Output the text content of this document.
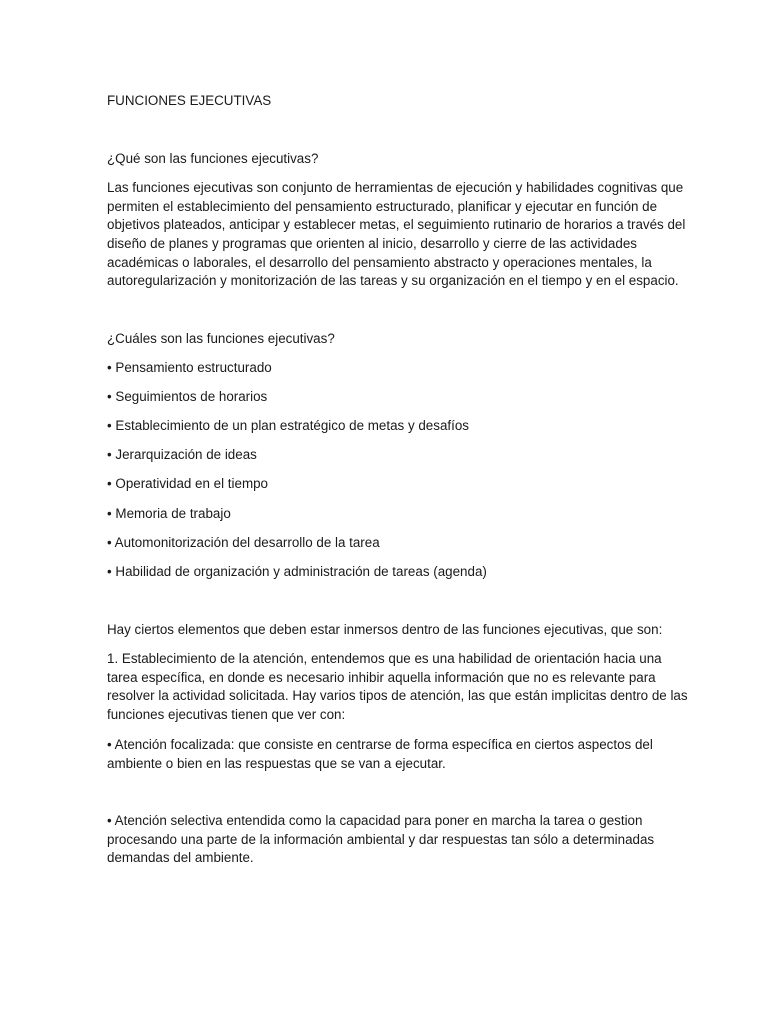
FUNCIONES EJECUTIVAS
¿Qué son las funciones ejecutivas?
Las funciones ejecutivas son conjunto de herramientas de ejecución y habilidades cognitivas que
permiten el establecimiento del pensamiento estructurado, planificar y ejecutar en función de
objetivos plateados, anticipar y establecer metas, el seguimiento rutinario de horarios a través del
diseño de planes y programas que orienten al inicio, desarrollo y cierre de las actividades
académicas o laborales, el desarrollo del pensamiento abstracto y operaciones mentales, la
autoregularización y monitorización de las tareas y su organización en el tiempo y en el espacio.
¿Cuáles son las funciones ejecutivas?
• Pensamiento estructurado
• Seguimientos de horarios
• Establecimiento de un plan estratégico de metas y desafíos
• Jerarquización de ideas
• Operatividad en el tiempo
• Memoria de trabajo
• Automonitorización del desarrollo de la tarea
• Habilidad de organización y administración de tareas (agenda)
Hay ciertos elementos que deben estar inmersos dentro de las funciones ejecutivas, que son:
1. Establecimiento de la atención, entendemos que es una habilidad de orientación hacia una
tarea específica, en donde es necesario inhibir aquella información que no es relevante para
resolver la actividad solicitada. Hay varios tipos de atención, las que están implicitas dentro de las
funciones ejecutivas tienen que ver con:
• Atención focalizada: que consiste en centrarse de forma específica en ciertos aspectos del
ambiente o bien en las respuestas que se van a ejecutar.
• Atención selectiva entendida como la capacidad para poner en marcha la tarea o gestion
procesando una parte de la información ambiental y dar respuestas tan sólo a determinadas
demandas del ambiente.
